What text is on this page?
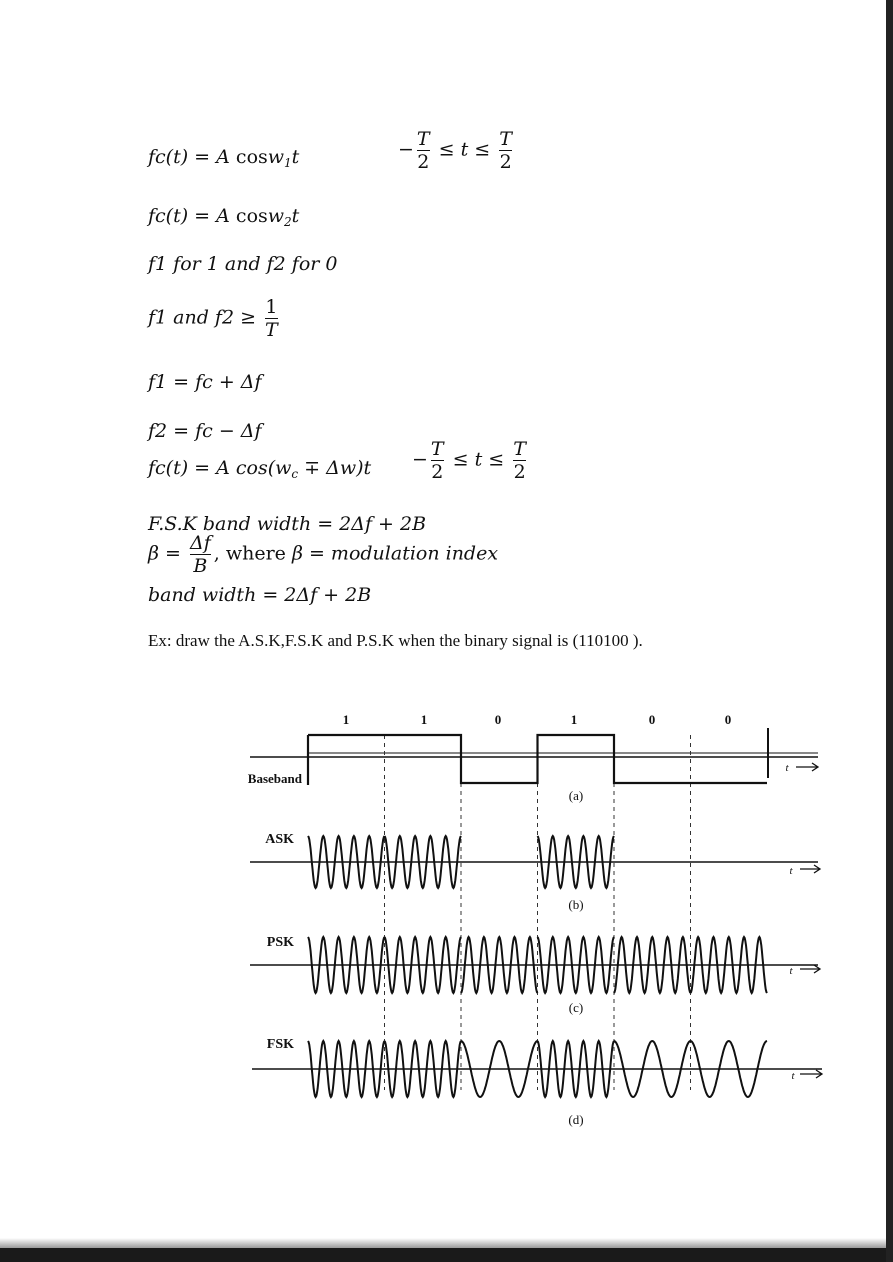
fc(t) = A cosw$_1$t	− $\frac{T}{2} \le t \le \frac{T}{2}$
fc(t) = A cosw$_2$t
f1 for 1 and f2 for 0
f1 and $f2 \ge \frac{1}{T}$
f1 = fc + Δf
f2 = fc − Δf
fc(t) = A $\cos(w_c \mp \Delta w)t - \frac{T}{2} \le t \le \frac{T}{2}$
F.S.K band width = 2Δf + 2B
$\beta = \frac{\Delta f}{B}$ , where β = modulation index
band width = 2Δf + 2B
Ex: draw the A.S.K,F.S.K and P.S.K when the binary signal is (110100 ).
1	1	0	1	0	0
Baseband
ASK
PSK
FSK
(a)
(b)
(c)
(d)
t
t
t
t
